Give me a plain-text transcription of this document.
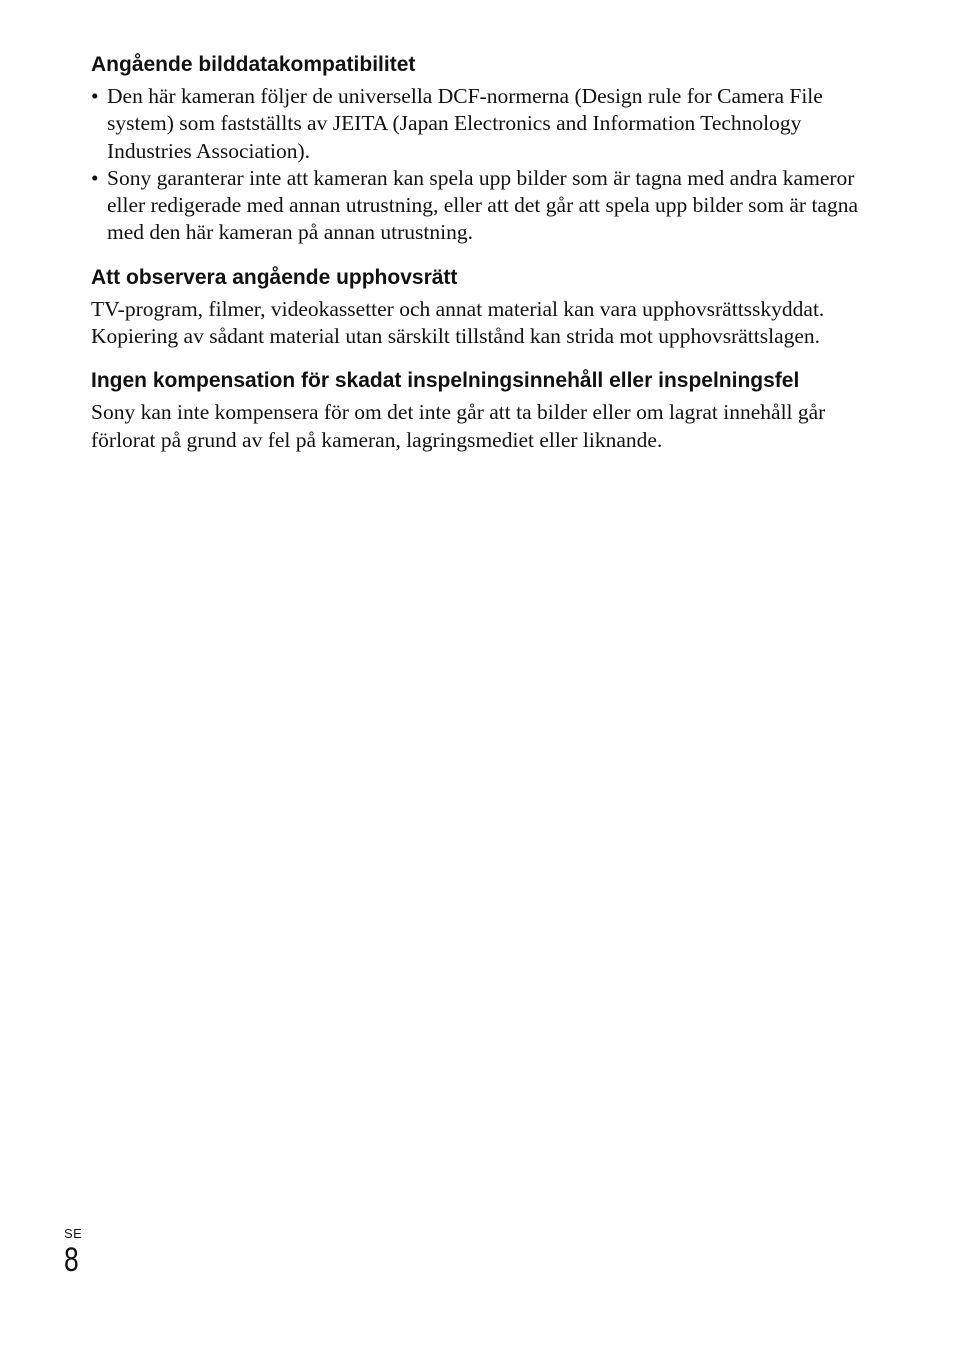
Angående bilddatakompatibilitet
• Den här kameran följer de universella DCF-normerna (Design rule for Camera File system) som fastställts av JEITA (Japan Electronics and Information Technology Industries Association).
• Sony garanterar inte att kameran kan spela upp bilder som är tagna med andra kameror eller redigerade med annan utrustning, eller att det går att spela upp bilder som är tagna med den här kameran på annan utrustning.
Att observera angående upphovsrätt

TV-program, filmer, videokassetter och annat material kan vara upphovsrättsskyddat. Kopiering av sådant material utan särskilt tillstånd kan strida mot upphovsrättslagen.

Ingen kompensation för skadat inspelningsinnehåll eller inspelningsfel

Sony kan inte kompensera för om det inte går att ta bilder eller om lagrat innehåll går förlorat på grund av fel på kameran, lagringsmediet eller liknande.

SE
8
